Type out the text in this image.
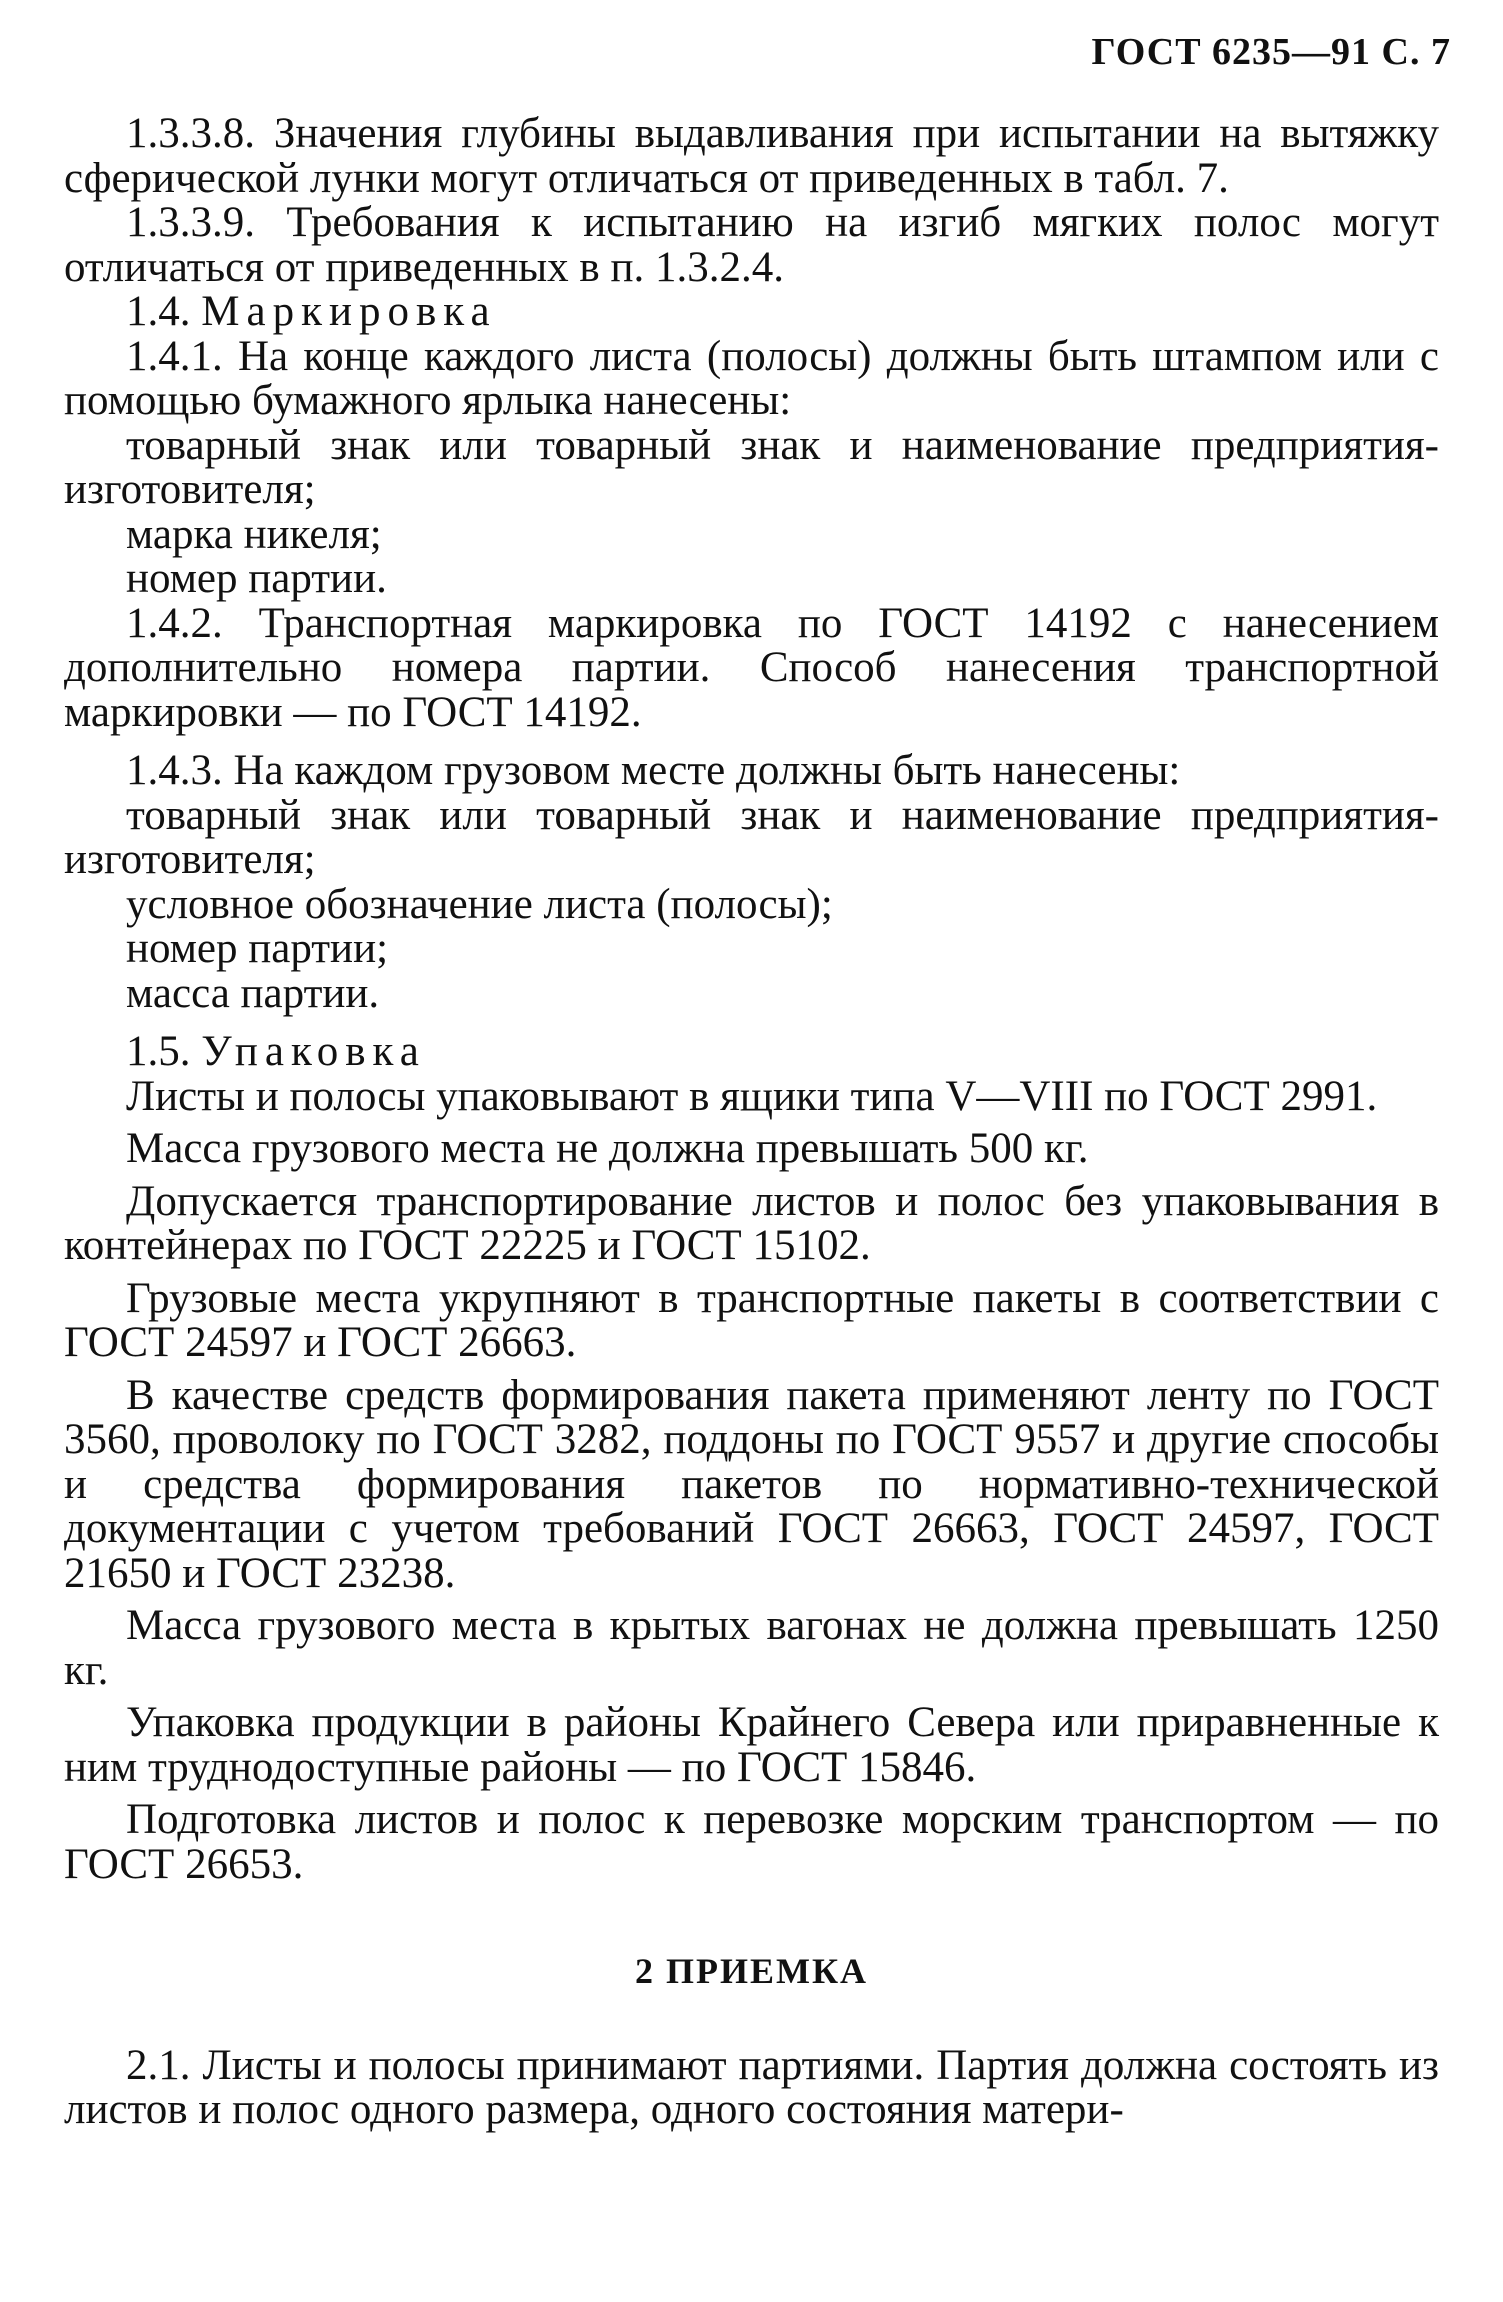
ГОСТ 6235—91 С. 7

1.3.3.8. Значения глубины выдавливания при испытании на вытяжку сферической лунки могут отличаться от приведенных в табл. 7.

1.3.3.9. Требования к испытанию на изгиб мягких полос могут отличаться от приведенных в п. 1.3.2.4.

1.4. Маркировка

1.4.1. На конце каждого листа (полосы) должны быть штампом или с помощью бумажного ярлыка нанесены:

товарный знак или товарный знак и наименование предприятия-изготовителя;

марка никеля;

номер партии.

1.4.2. Транспортная маркировка по ГОСТ 14192 с нанесением дополнительно номера партии. Способ нанесения транспортной маркировки — по ГОСТ 14192.

1.4.3. На каждом грузовом месте должны быть нанесены:

товарный знак или товарный знак и наименование предприятия-изготовителя;

условное обозначение листа (полосы);

номер партии;

масса партии.

1.5. Упаковка

Листы и полосы упаковывают в ящики типа V—VIII по ГОСТ 2991.

Масса грузового места не должна превышать 500 кг.

Допускается транспортирование листов и полос без упаковывания в контейнерах по ГОСТ 22225 и ГОСТ 15102.

Грузовые места укрупняют в транспортные пакеты в соответствии с ГОСТ 24597 и ГОСТ 26663.

В качестве средств формирования пакета применяют ленту по ГОСТ 3560, проволоку по ГОСТ 3282, поддоны по ГОСТ 9557 и другие способы и средства формирования пакетов по нормативно-технической документации с учетом требований ГОСТ 26663, ГОСТ 24597, ГОСТ 21650 и ГОСТ 23238.

Масса грузового места в крытых вагонах не должна превышать 1250 кг.

Упаковка продукции в районы Крайнего Севера или приравненные к ним труднодоступные районы — по ГОСТ 15846.

Подготовка листов и полос к перевозке морским транспортом — по ГОСТ 26653.

2 ПРИЕМКА

2.1. Листы и полосы принимают партиями. Партия должна состоять из листов и полос одного размера, одного состояния матери-
